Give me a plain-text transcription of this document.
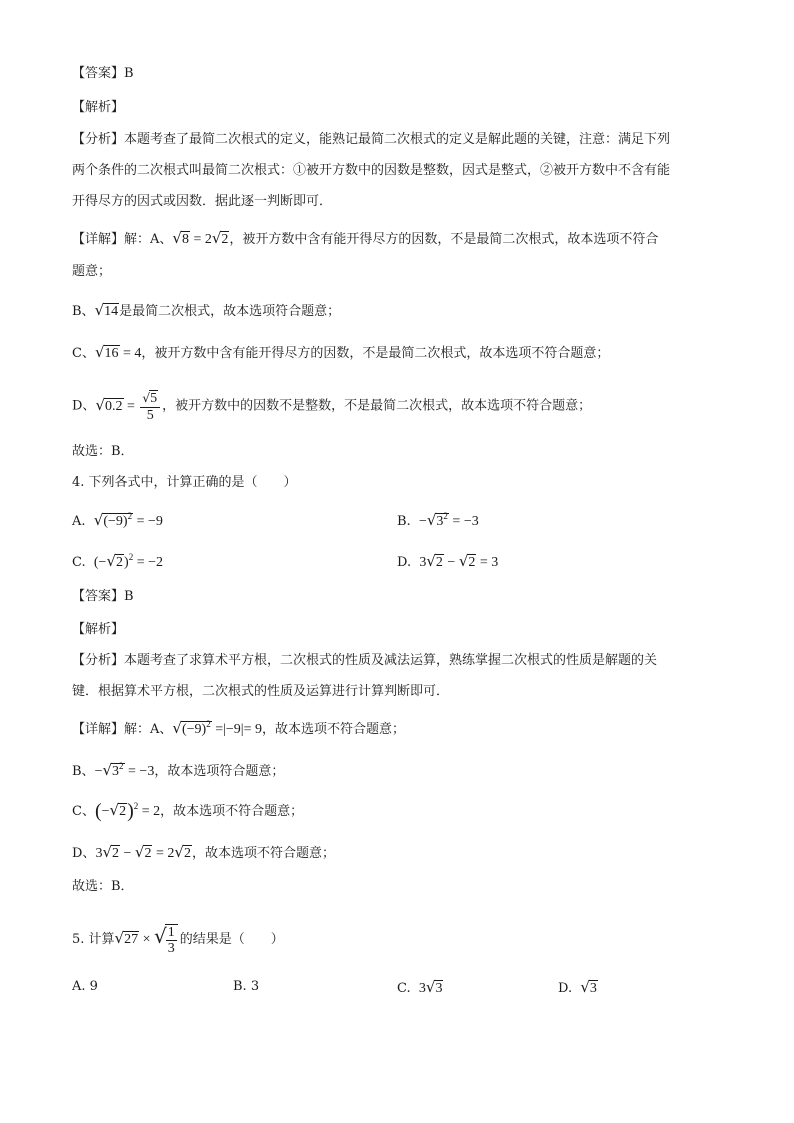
【答案】B
【解析】
【分析】本题考查了最简二次根式的定义，能熟记最简二次根式的定义是解此题的关键，注意：满足下列
两个条件的二次根式叫最简二次根式：①被开方数中的因数是整数，因式是整式，②被开方数中不含有能
开得尽方的因式或因数．据此逐一判断即可．
【详解】解：A、√8 = 2√2，被开方数中含有能开得尽方的因数，不是最简二次根式，故本选项不符合
题意；
B、√14是最简二次根式，故本选项符合题意；
C、√16 = 4，被开方数中含有能开得尽方的因数，不是最简二次根式，故本选项不符合题意；
D、$√0.2 = \frac{√5}{5}$ ，被开方数中的因数不是整数，不是最简二次根式，故本选项不符合题意；
故选：B．
4. 下列各式中，计算正确的是（　　）
A. $√(-9)^2 = -9$	B. $-√3^2 = -3$
C. $(-√2)^2 = -2$	D. 3√2 − √2 = 3
【答案】B
【解析】
【分析】本题考查了求算术平方根，二次根式的性质及减法运算，熟练掌握二次根式的性质是解题的关
键．根据算术平方根，二次根式的性质及运算进行计算判断即可．
【详解】解：A、$√(-9)^2 =|-9|= 9$，故本选项不符合题意；
B、$-√3^2 = -3$，故本选项符合题意；
C、$(-√2)^2 = 2$，故本选项不符合题意；
D、3√2 − √2 = 2√2，故本选项不符合题意；
故选：B．
5. 计算√27 × √
$\frac{1}{3}$ 的结果是（　　）
A. 9	B. 3	C. 3√3	D. √3
